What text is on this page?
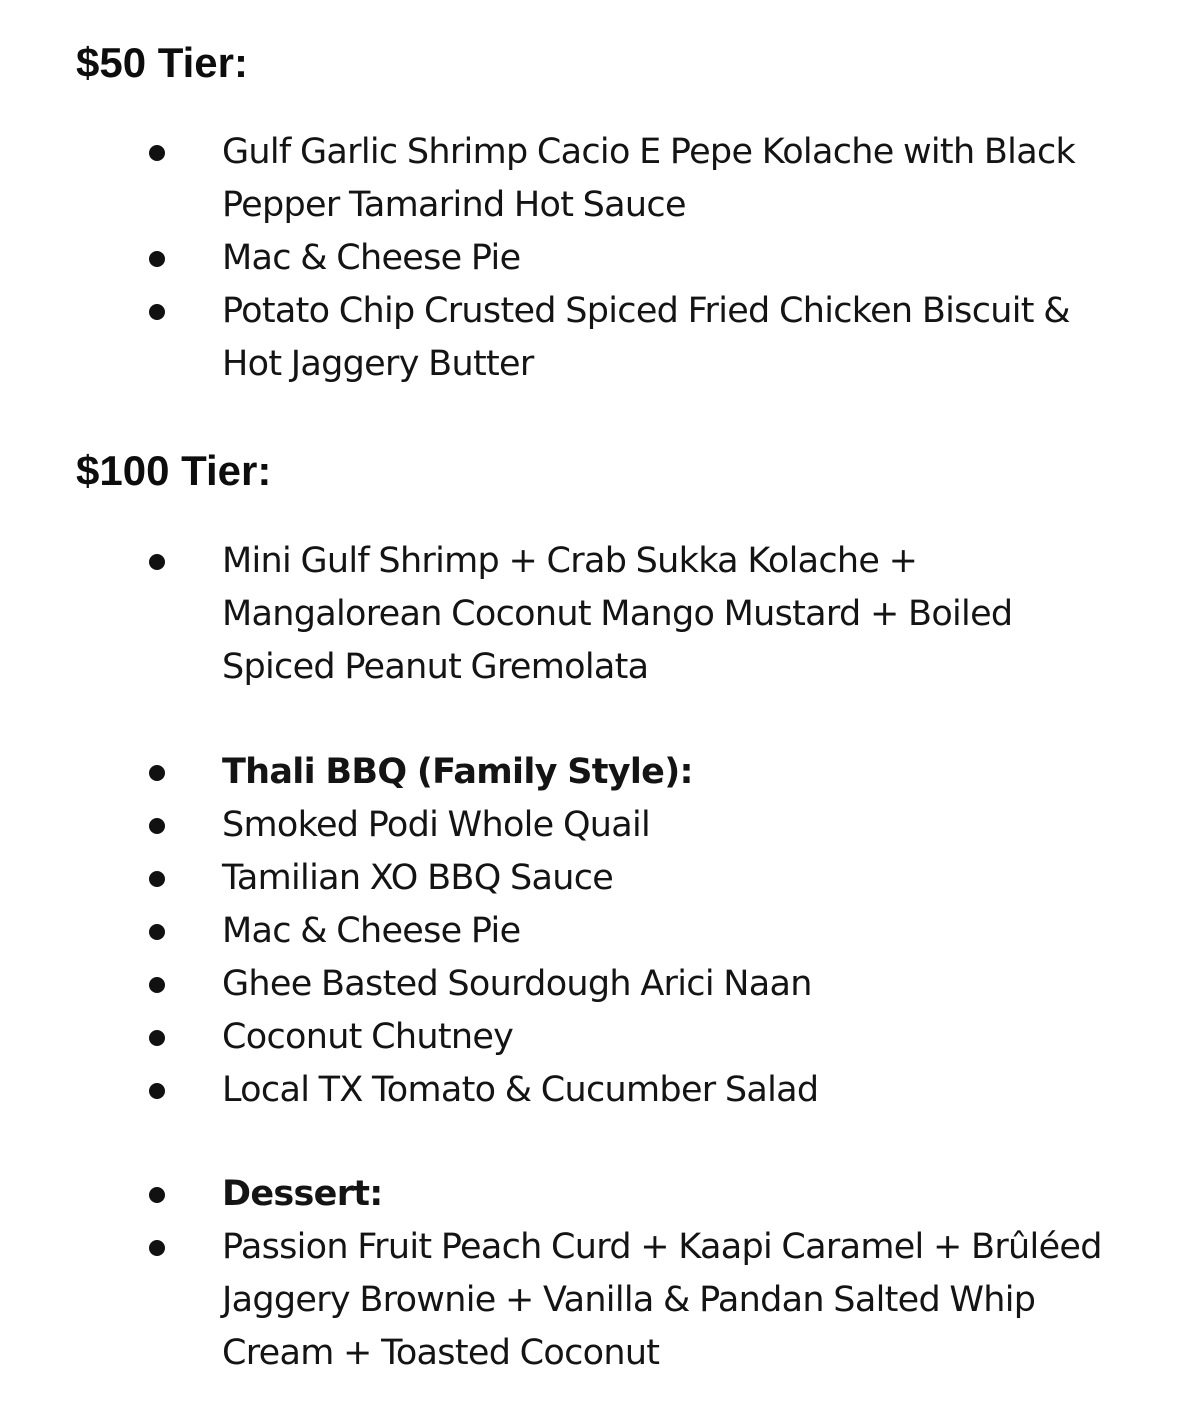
$50 Tier:
Gulf Garlic Shrimp Cacio E Pepe Kolache with Black Pepper Tamarind Hot Sauce
Mac & Cheese Pie
Potato Chip Crusted Spiced Fried Chicken Biscuit & Hot Jaggery Butter
$100 Tier:
Mini Gulf Shrimp + Crab Sukka Kolache + Mangalorean Coconut Mango Mustard + Boiled Spiced Peanut Gremolata
Thali BBQ (Family Style):
Smoked Podi Whole Quail
Tamilian XO BBQ Sauce
Mac & Cheese Pie
Ghee Basted Sourdough Arici Naan
Coconut Chutney
Local TX Tomato & Cucumber Salad
Dessert:
Passion Fruit Peach Curd + Kaapi Caramel + Brûléed Jaggery Brownie + Vanilla & Pandan Salted Whip Cream + Toasted Coconut
